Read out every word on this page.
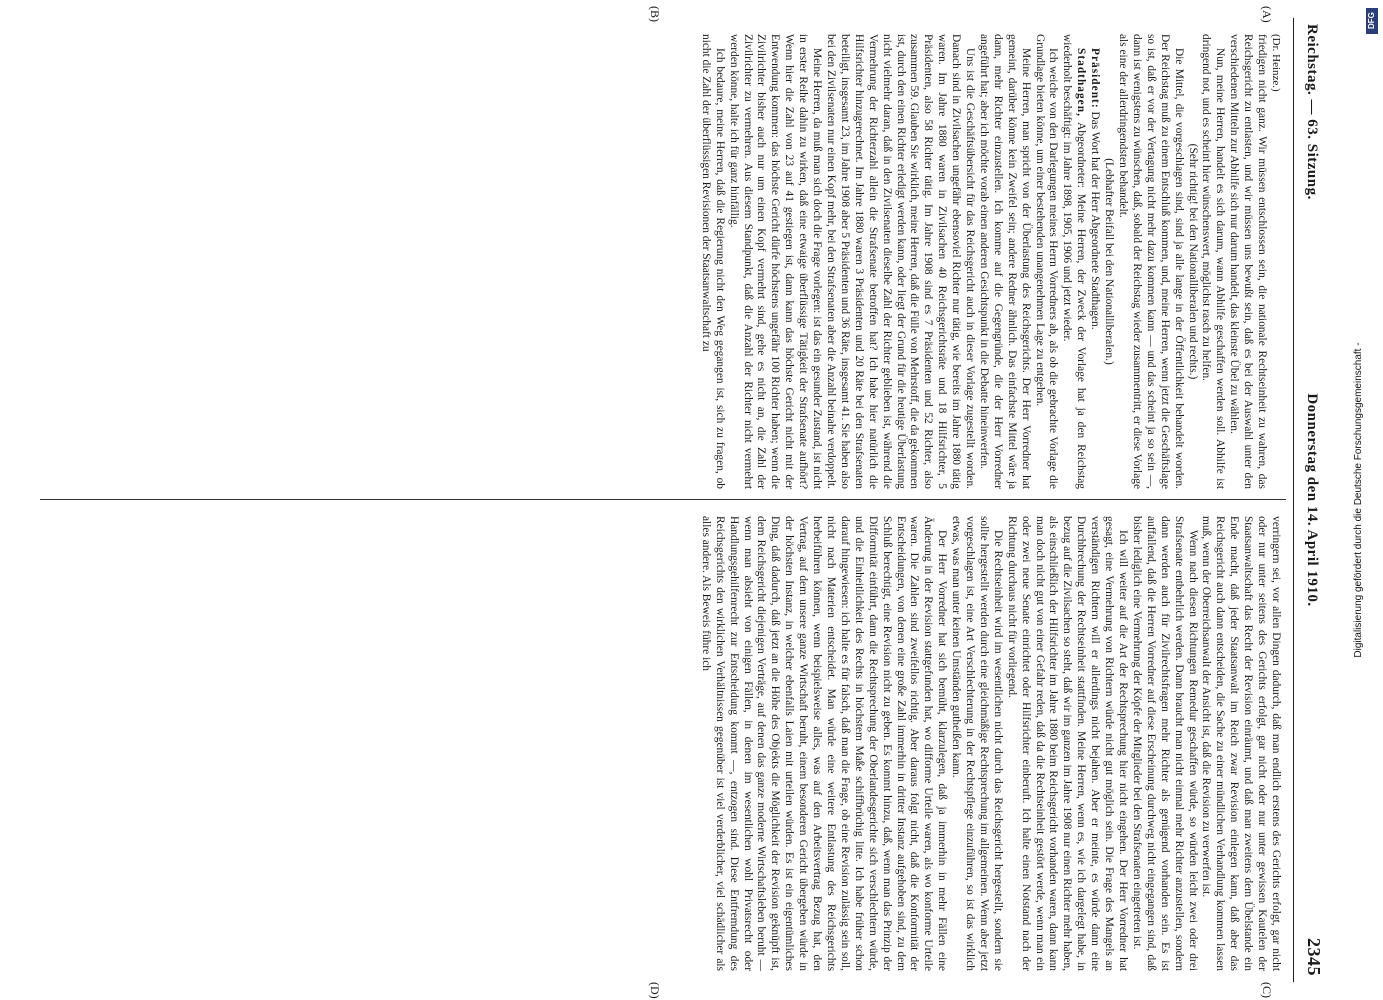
Reichstag. — 63. Sitzung.
Donnerstag den 14. April 1910.
2345
(A)
(B)
(C)
(D)

(Dr. Heinze.)

friedigen nicht ganz. Wir müssen entschlossen sein, die nationale Rechtseinheit zu wahren, das Reichsgericht zu entlasten, und wir müssen uns bewußt sein, daß es bei der Auswahl unter den verschiedenen Mitteln zur Abhilfe sich nur darum handelt, das kleinste Übel zu wählen.

Nun, meine Herren, handelt es sich darum, wann Abhilfe geschaffen werden soll. Abhilfe ist dringend not, und es scheint hier wünschenswert, möglichst rasch zu helfen.

(Sehr richtig! bei den Nationalliberalen und rechts.)

Die Mittel, die vorgeschlagen sind, sind ja alle lange in der Öffentlichkeit behandelt worden. Der Reichstag muß zu einem Entschluß kommen, und, meine Herren, wenn jetzt die Geschäftslage so ist, daß er vor der Vertagung nicht mehr dazu kommen kann — und das scheint ja so sein —, dann ist wenigstens zu wünschen, daß, sobald der Reichstag wieder zusammentritt, er diese Vorlage als eine der allerdringendsten behandelt.

(Lebhafter Beifall bei den Nationalliberalen.)

Präsident: Das Wort hat der Herr Abgeordnete Stadthagen.

Stadthagen, Abgeordneter: Meine Herren, der Zweck der Vorlage hat ja den Reichstag wiederholt beschäftigt: im Jahre 1898, 1905, 1906 und jetzt wieder.

Ich weiche von den Darlegungen meines Herrn Vorredners ab, als ob die gebrachte Vorlage die Grundlage bieten könne, um einer bestehenden unangenehmen Lage zu entgehen.

Meine Herren, man spricht von der Überlastung des Reichsgerichts. Der Herr Vorredner hat gemeint, darüber könne kein Zweifel sein; andere Redner ähnlich. Das einfachste Mittel wäre ja dann, mehr Richter einzustellen. Ich komme auf die Gegengründe, die der Herr Vorredner angeführt hat; aber ich möchte vorab einen anderen Gesichtspunkt in die Debatte hineinwerfen.

Uns ist die Geschäftsübersicht für das Reichsgericht auch in dieser Vorlage zugestellt worden. Danach sind in Zivilsachen ungefähr ebensoviel Richter nur tätig, wie bereits im Jahre 1880 tätig waren. Im Jahre 1880 waren in Zivilsachen 40 Reichsgerichtsräte und 18 Hilfsrichter, 5 Präsidenten, also 58 Richter tätig. Im Jahre 1908 sind es 7 Präsidenten und 52 Richter, also zusammen 59. Glauben Sie wirklich, meine Herren, daß die Fülle von Mehrstoff, die da gekommen ist, durch den einen Richter erledigt werden kann, oder liegt der Grund für die heutige Überlastung nicht vielmehr daran, daß in den Zivilsenaten dieselbe Zahl der Richter geblieben ist, während die Vermehrung der Richterzahl allein die Strafsenate betroffen hat? Ich habe hier natürlich die Hilfsrichter hinzugerechnet. Im Jahre 1880 waren 3 Präsidenten und 20 Räte bei den Strafsenaten beteiligt, insgesamt 23, im Jahre 1908 aber 5 Präsidenten und 36 Räte, insgesamt 41. Sie haben also bei den Zivilsenaten nur einen Kopf mehr, bei den Strafsenaten aber die Anzahl beinahe verdoppelt.

Meine Herren, da muß man sich doch die Frage vorlegen: ist das ein gesunder Zustand, ist nicht in erster Reihe dahin zu wirken, daß eine etwaige überflüssige Tätigkeit der Strafsenate aufhört? Wenn hier die Zahl von 23 auf 41 gestiegen ist, dann kann das höchste Gericht nicht mit der Entwendung kommen: das höchste Gericht dürfe höchstens ungefähr 100 Richter haben; wenn die Zivilrichter bisher auch nur um einen Kopf vermehrt sind, gehe es nicht an, die Zahl der Zivilrichter zu vermehren. Aus diesem Standpunkt, daß die Anzahl der Richter nicht vermehrt werden könne, halte ich für ganz hinfällig.

Ich bedaure, meine Herren, daß die Regierung nicht den Weg gegangen ist, sich zu fragen, ob nicht die Zahl der überflüssigen Revisionen der Staatsanwaltschaft zu

verringern sei, vor allen Dingen dadurch, daß man endlich erstens des Gerichts erfolgt, gar nicht oder nur unter seitens des Gerichts erfolgt, gar nicht oder nur unter gewissen Kautelen der Staatsanwaltschaft das Recht der Revision einräumt, und daß man zweitens dem Übelstande ein Ende macht, daß jeder Staatsanwalt im Reich zwar Revision einlegen kann, daß aber das Reichsgericht auch dann entscheiden, die Sache zu einer mündlichen Verhandlung kommen lassen muß, wenn der Oberreichsanwalt der Ansicht ist, daß die Revision zu verwerfen ist.

Wenn nach diesen Richtungen Remedur geschaffen würde, so würden leicht zwei oder drei Strafsenate entbehrlich werden. Dann braucht man nicht einmal mehr Richter anzustellen, sondern dann werden auch für Zivilrechtsfragen mehr Richter als genügend vorhanden sein. Es ist auffallend, daß die Herren Vorredner auf diese Erscheinung durchweg nicht eingegangen sind, daß bisher lediglich eine Vermehrung der Köpfe der Mitglieder bei den Strafsenaten eingetreten ist.

Ich will weiter auf die Art der Rechtsprechung hier nicht eingehen. Der Herr Vorredner hat gesagt, eine Vermehrung von Richtern würde nicht gut möglich sein. Die Frage des Mangels an verständigen Richtern will er allerdings nicht bejahen. Aber er meinte, es würde dann eine Durchbrechung der Rechtseinheit stattfinden. Meine Herren, wenn es, wie ich dargelegt habe, in bezug auf die Zivilsachen so steht, daß wir im ganzen im Jahre 1908 nur einen Richter mehr haben, als einschließlich der Hilfsrichter im Jahre 1880 beim Reichsgericht vorhanden waren, dann kann man doch nicht gut von einer Gefahr reden, daß da die Rechtseinheit gestört werde, wenn man ein oder zwei neue Senate einrichtet oder Hilfsrichter einberuft. Ich halte einen Notstand nach der Richtung durchaus nicht für vorliegend.

Die Rechtseinheit wird im wesentlichen nicht durch das Reichsgericht hergestellt, sondern sie sollte hergestellt werden durch eine gleichmäßige Rechtsprechung im allgemeinen. Wenn aber jetzt vorgeschlagen ist, eine Art Verschlechterung in der Rechtspflege einzuführen, so ist das wirklich etwas, was man unter keinen Umständen gutheißen kann.

Der Herr Vorredner hat sich bemüht, klarzulegen, daß ja immerhin in mehr Fällen eine Änderung in der Revision stattgefunden hat, wo difforme Urteile waren, als wo konforme Urteile waren. Die Zahlen sind zweifellos richtig. Aber daraus folgt nicht, daß die Konformität der Entscheidungen, von denen eine große Zahl immerhin in dritter Instanz aufgehoben sind, zu dem Schluß berechtigt, eine Revision nicht zu geben. Es kommt hinzu, daß, wenn man das Prinzip der Difformität einführt, dann die Rechtsprechung der Oberlandesgerichte sich verschlechtern würde, und die Einheitlichkeit des Rechts in höchstem Maße schiffbrüchig litte. Ich habe früher schon darauf hingewiesen: ich halte es für falsch, daß man die Frage, ob eine Revision zulässig sein soll, nicht nach Materien entscheidet. Man würde eine weitere Entlastung des Reichsgerichts herbeiführen können, wenn beispielsweise alles, was auf den Arbeitsvertrag Bezug hat, den Vertrag, auf dem unsere ganze Wirtschaft beruht, einem besonderen Gericht übergeben würde in der höchsten Instanz, in welcher ebenfalls Laien mit urteilen würden. Es ist ein eigentümliches Ding, daß dadurch, daß jetzt an die Höhe des Objekts die Möglichkeit der Revision geknüpft ist, dem Reichsgericht diejenigen Verträge, auf denen das ganze moderne Wirtschaftsleben beruht — wenn man absieht von einigen Fällen, in denen im wesentlichen wohl Privatsrecht oder Handlungsgehilfenrecht zur Entscheidung kommt —, entzogen sind. Diese Entfremdung des Reichsgerichts den wirklichen Verhältnissen gegenüber ist viel verderblicher, viel schädlicher als alles andere. Als Beweis führe ich

DFG
Digitalisierung gefördert durch die Deutsche Forschungsgemeinschaft -
